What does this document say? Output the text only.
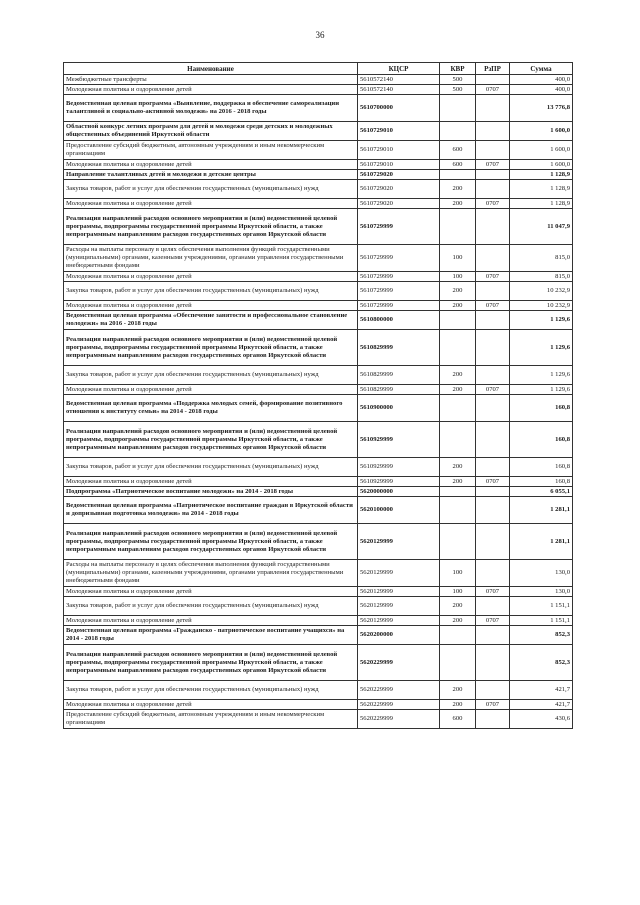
36
Наименование	КЦСР	КВР	РзПР	Сумма
Межбюджетные трансферты	5610572140	500		400,0
Молодежная политика и оздоровление детей	5610572140	500	0707	400,0
Ведомственная целевая программа «Выявление, поддержка и обеспечение самореализации талантливой и социально-активной молодежи» на 2016 - 2018 годы	5610700000			13 776,8
Областной конкурс летних программ для детей и молодежи среди детских и молодежных общественных объединений Иркутской области	5610729010			1 600,0
Предоставление субсидий бюджетным, автономным учреждениям и иным некоммерческим организациям	5610729010	600		1 600,0
Молодежная политика и оздоровление детей	5610729010	600	0707	1 600,0
Направление талантливых детей и молодежи в детские центры	5610729020			1 128,9
Закупка товаров, работ и услуг для обеспечения государственных (муниципальных) нужд	5610729020	200		1 128,9
Молодежная политика и оздоровление детей	5610729020	200	0707	1 128,9
Реализация направлений расходов основного мероприятия и (или) ведомственной целевой программы, подпрограммы государственной программы Иркутской области, а также непрограммным направлениям расходов государственных органов Иркутской области	5610729999			11 047,9
Расходы на выплаты персоналу в целях обеспечения выполнения функций государственными (муниципальными) органами, казенными учреждениями, органами управления государственными внебюджетными фондами	5610729999	100		815,0
Молодежная политика и оздоровление детей	5610729999	100	0707	815,0
Закупка товаров, работ и услуг для обеспечения государственных (муниципальных) нужд	5610729999	200		10 232,9
Молодежная политика и оздоровление детей	5610729999	200	0707	10 232,9
Ведомственная целевая программа «Обеспечение занятости и профессиональное становление молодежи» на 2016 - 2018 годы	5610800000			1 129,6
Реализация направлений расходов основного мероприятия и (или) ведомственной целевой программы, подпрограммы государственной программы Иркутской области, а также непрограммным направлениям расходов государственных органов Иркутской области	5610829999			1 129,6
Закупка товаров, работ и услуг для обеспечения государственных (муниципальных) нужд	5610829999	200		1 129,6
Молодежная политика и оздоровление детей	5610829999	200	0707	1 129,6
Ведомственная целевая программа «Поддержка молодых семей, формирование позитивного отношения к институту семьи» на 2014 - 2018 годы	5610900000			160,8
Реализация направлений расходов основного мероприятия и (или) ведомственной целевой программы, подпрограммы государственной программы Иркутской области, а также непрограммным направлениям расходов государственных органов Иркутской области	5610929999			160,8
Закупка товаров, работ и услуг для обеспечения государственных (муниципальных) нужд	5610929999	200		160,8
Молодежная политика и оздоровление детей	5610929999	200	0707	160,8
Подпрограмма «Патриотическое воспитание молодежи» на 2014 - 2018 годы	5620000000			6 055,1
Ведомственная целевая программа «Патриотическое воспитание граждан в Иркутской области и допризывная подготовка молодежи» на 2014 - 2018 годы	5620100000			1 281,1
Реализация направлений расходов основного мероприятия и (или) ведомственной целевой программы, подпрограммы государственной программы Иркутской области, а также непрограммным направлениям расходов государственных органов Иркутской области	5620129999			1 281,1
Расходы на выплаты персоналу в целях обеспечения выполнения функций государственными (муниципальными) органами, казенными учреждениями, органами управления государственными внебюджетными фондами	5620129999	100		130,0
Молодежная политика и оздоровление детей	5620129999	100	0707	130,0
Закупка товаров, работ и услуг для обеспечения государственных (муниципальных) нужд	5620129999	200		1 151,1
Молодежная политика и оздоровление детей	5620129999	200	0707	1 151,1
Ведомственная целевая программа «Гражданско - патриотическое воспитание учащихся» на 2014 - 2018 годы	5620200000			852,3
Реализация направлений расходов основного мероприятия и (или) ведомственной целевой программы, подпрограммы государственной программы Иркутской области, а также непрограммным направлениям расходов государственных органов Иркутской области	5620229999			852,3
Закупка товаров, работ и услуг для обеспечения государственных (муниципальных) нужд	5620229999	200		421,7
Молодежная политика и оздоровление детей	5620229999	200	0707	421,7
Предоставление субсидий бюджетным, автономным учреждениям и иным некоммерческим организациям	5620229999	600		430,6
